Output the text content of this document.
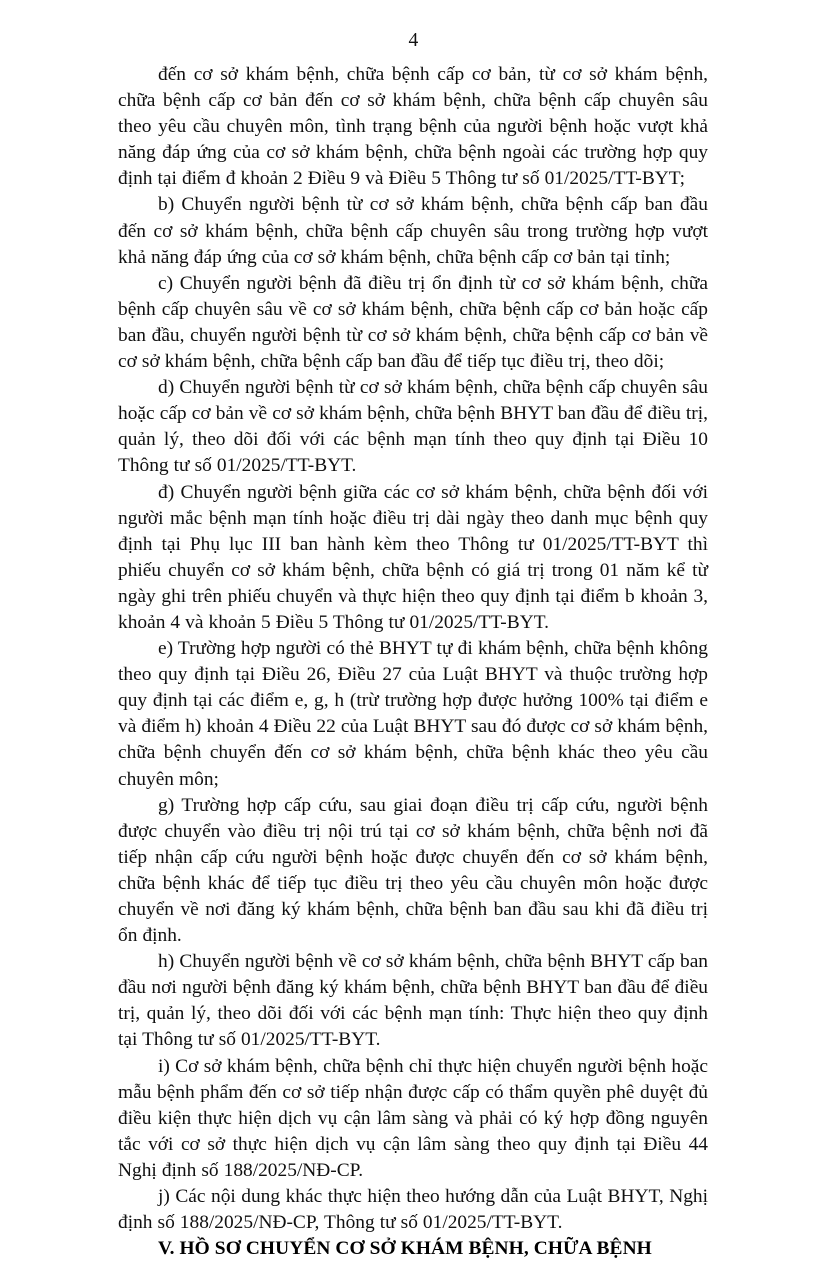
4

đến cơ sở khám bệnh, chữa bệnh cấp cơ bản, từ cơ sở khám bệnh, chữa bệnh cấp cơ bản đến cơ sở khám bệnh, chữa bệnh cấp chuyên sâu theo yêu cầu chuyên môn, tình trạng bệnh của người bệnh hoặc vượt khả năng đáp ứng của cơ sở khám bệnh, chữa bệnh ngoài các trường hợp quy định tại điểm đ khoản 2 Điều 9 và Điều 5 Thông tư số 01/2025/TT-BYT;

b) Chuyển người bệnh từ cơ sở khám bệnh, chữa bệnh cấp ban đầu đến cơ sở khám bệnh, chữa bệnh cấp chuyên sâu trong trường hợp vượt khả năng đáp ứng của cơ sở khám bệnh, chữa bệnh cấp cơ bản tại tỉnh;

c) Chuyển người bệnh đã điều trị ổn định từ cơ sở khám bệnh, chữa bệnh cấp chuyên sâu về cơ sở khám bệnh, chữa bệnh cấp cơ bản hoặc cấp ban đầu, chuyển người bệnh từ cơ sở khám bệnh, chữa bệnh cấp cơ bản về cơ sở khám bệnh, chữa bệnh cấp ban đầu để tiếp tục điều trị, theo dõi;

d) Chuyển người bệnh từ cơ sở khám bệnh, chữa bệnh cấp chuyên sâu hoặc cấp cơ bản về cơ sở khám bệnh, chữa bệnh BHYT ban đầu để điều trị, quản lý, theo dõi đối với các bệnh mạn tính theo quy định tại Điều 10 Thông tư số 01/2025/TT-BYT.

đ) Chuyển người bệnh giữa các cơ sở khám bệnh, chữa bệnh đối với người mắc bệnh mạn tính hoặc điều trị dài ngày theo danh mục bệnh quy định tại Phụ lục III ban hành kèm theo Thông tư 01/2025/TT-BYT thì phiếu chuyển cơ sở khám bệnh, chữa bệnh có giá trị trong 01 năm kể từ ngày ghi trên phiếu chuyển và thực hiện theo quy định tại điểm b khoản 3, khoản 4 và khoản 5 Điều 5 Thông tư 01/2025/TT-BYT.

e) Trường hợp người có thẻ BHYT tự đi khám bệnh, chữa bệnh không theo quy định tại Điều 26, Điều 27 của Luật BHYT và thuộc trường hợp quy định tại các điểm e, g, h (trừ trường hợp được hưởng 100% tại điểm e và điểm h) khoản 4 Điều 22 của Luật BHYT sau đó được cơ sở khám bệnh, chữa bệnh chuyển đến cơ sở khám bệnh, chữa bệnh khác theo yêu cầu chuyên môn;

g) Trường hợp cấp cứu, sau giai đoạn điều trị cấp cứu, người bệnh được chuyển vào điều trị nội trú tại cơ sở khám bệnh, chữa bệnh nơi đã tiếp nhận cấp cứu người bệnh hoặc được chuyển đến cơ sở khám bệnh, chữa bệnh khác để tiếp tục điều trị theo yêu cầu chuyên môn hoặc được chuyển về nơi đăng ký khám bệnh, chữa bệnh ban đầu sau khi đã điều trị ổn định.

h) Chuyển người bệnh về cơ sở khám bệnh, chữa bệnh BHYT cấp ban đầu nơi người bệnh đăng ký khám bệnh, chữa bệnh BHYT ban đầu để điều trị, quản lý, theo dõi đối với các bệnh mạn tính: Thực hiện theo quy định tại Thông tư số 01/2025/TT-BYT.

i) Cơ sở khám bệnh, chữa bệnh chỉ thực hiện chuyển người bệnh hoặc mẫu bệnh phẩm đến cơ sở tiếp nhận được cấp có thẩm quyền phê duyệt đủ điều kiện thực hiện dịch vụ cận lâm sàng và phải có ký hợp đồng nguyên tắc với cơ sở thực hiện dịch vụ cận lâm sàng theo quy định tại Điều 44 Nghị định số 188/2025/NĐ-CP.

j) Các nội dung khác thực hiện theo hướng dẫn của Luật BHYT, Nghị định số 188/2025/NĐ-CP, Thông tư số 01/2025/TT-BYT.

V. HỒ SƠ CHUYỂN CƠ SỞ KHÁM BỆNH, CHỮA BỆNH
